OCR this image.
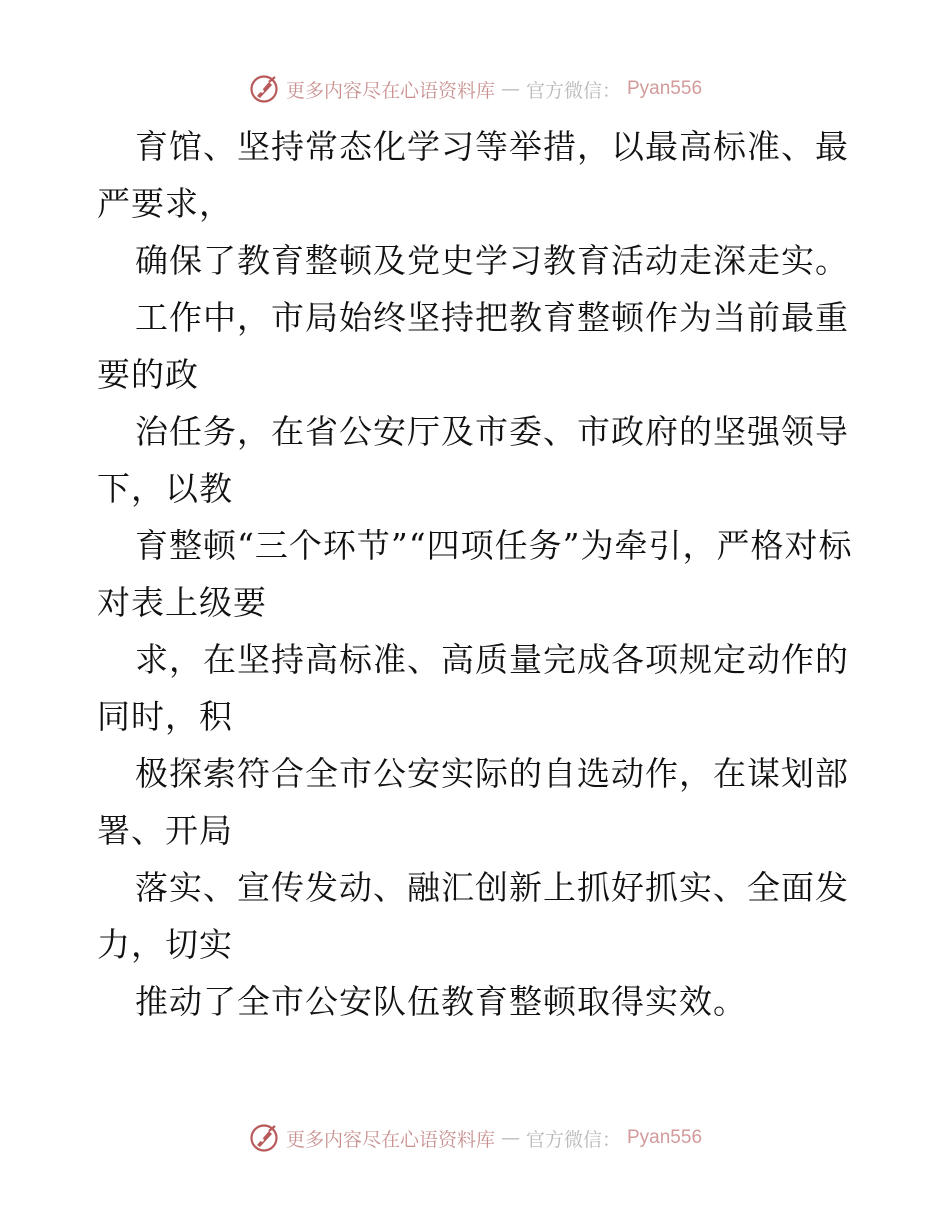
更多内容尽在心语资料库 — 官方微信： Pyan556

育馆、坚持常态化学习等举措，以最高标准、最严要求，

确保了教育整顿及党史学习教育活动走深走实。

工作中，市局始终坚持把教育整顿作为当前最重要的政

治任务，在省公安厅及市委、市政府的坚强领导下，以教

育整顿“三个环节”“四项任务”为牵引，严格对标对表上级要

求，在坚持高标准、高质量完成各项规定动作的同时，积

极探索符合全市公安实际的自选动作，在谋划部署、开局

落实、宣传发动、融汇创新上抓好抓实、全面发力，切实

推动了全市公安队伍教育整顿取得实效。

更多内容尽在心语资料库 — 官方微信： Pyan556
